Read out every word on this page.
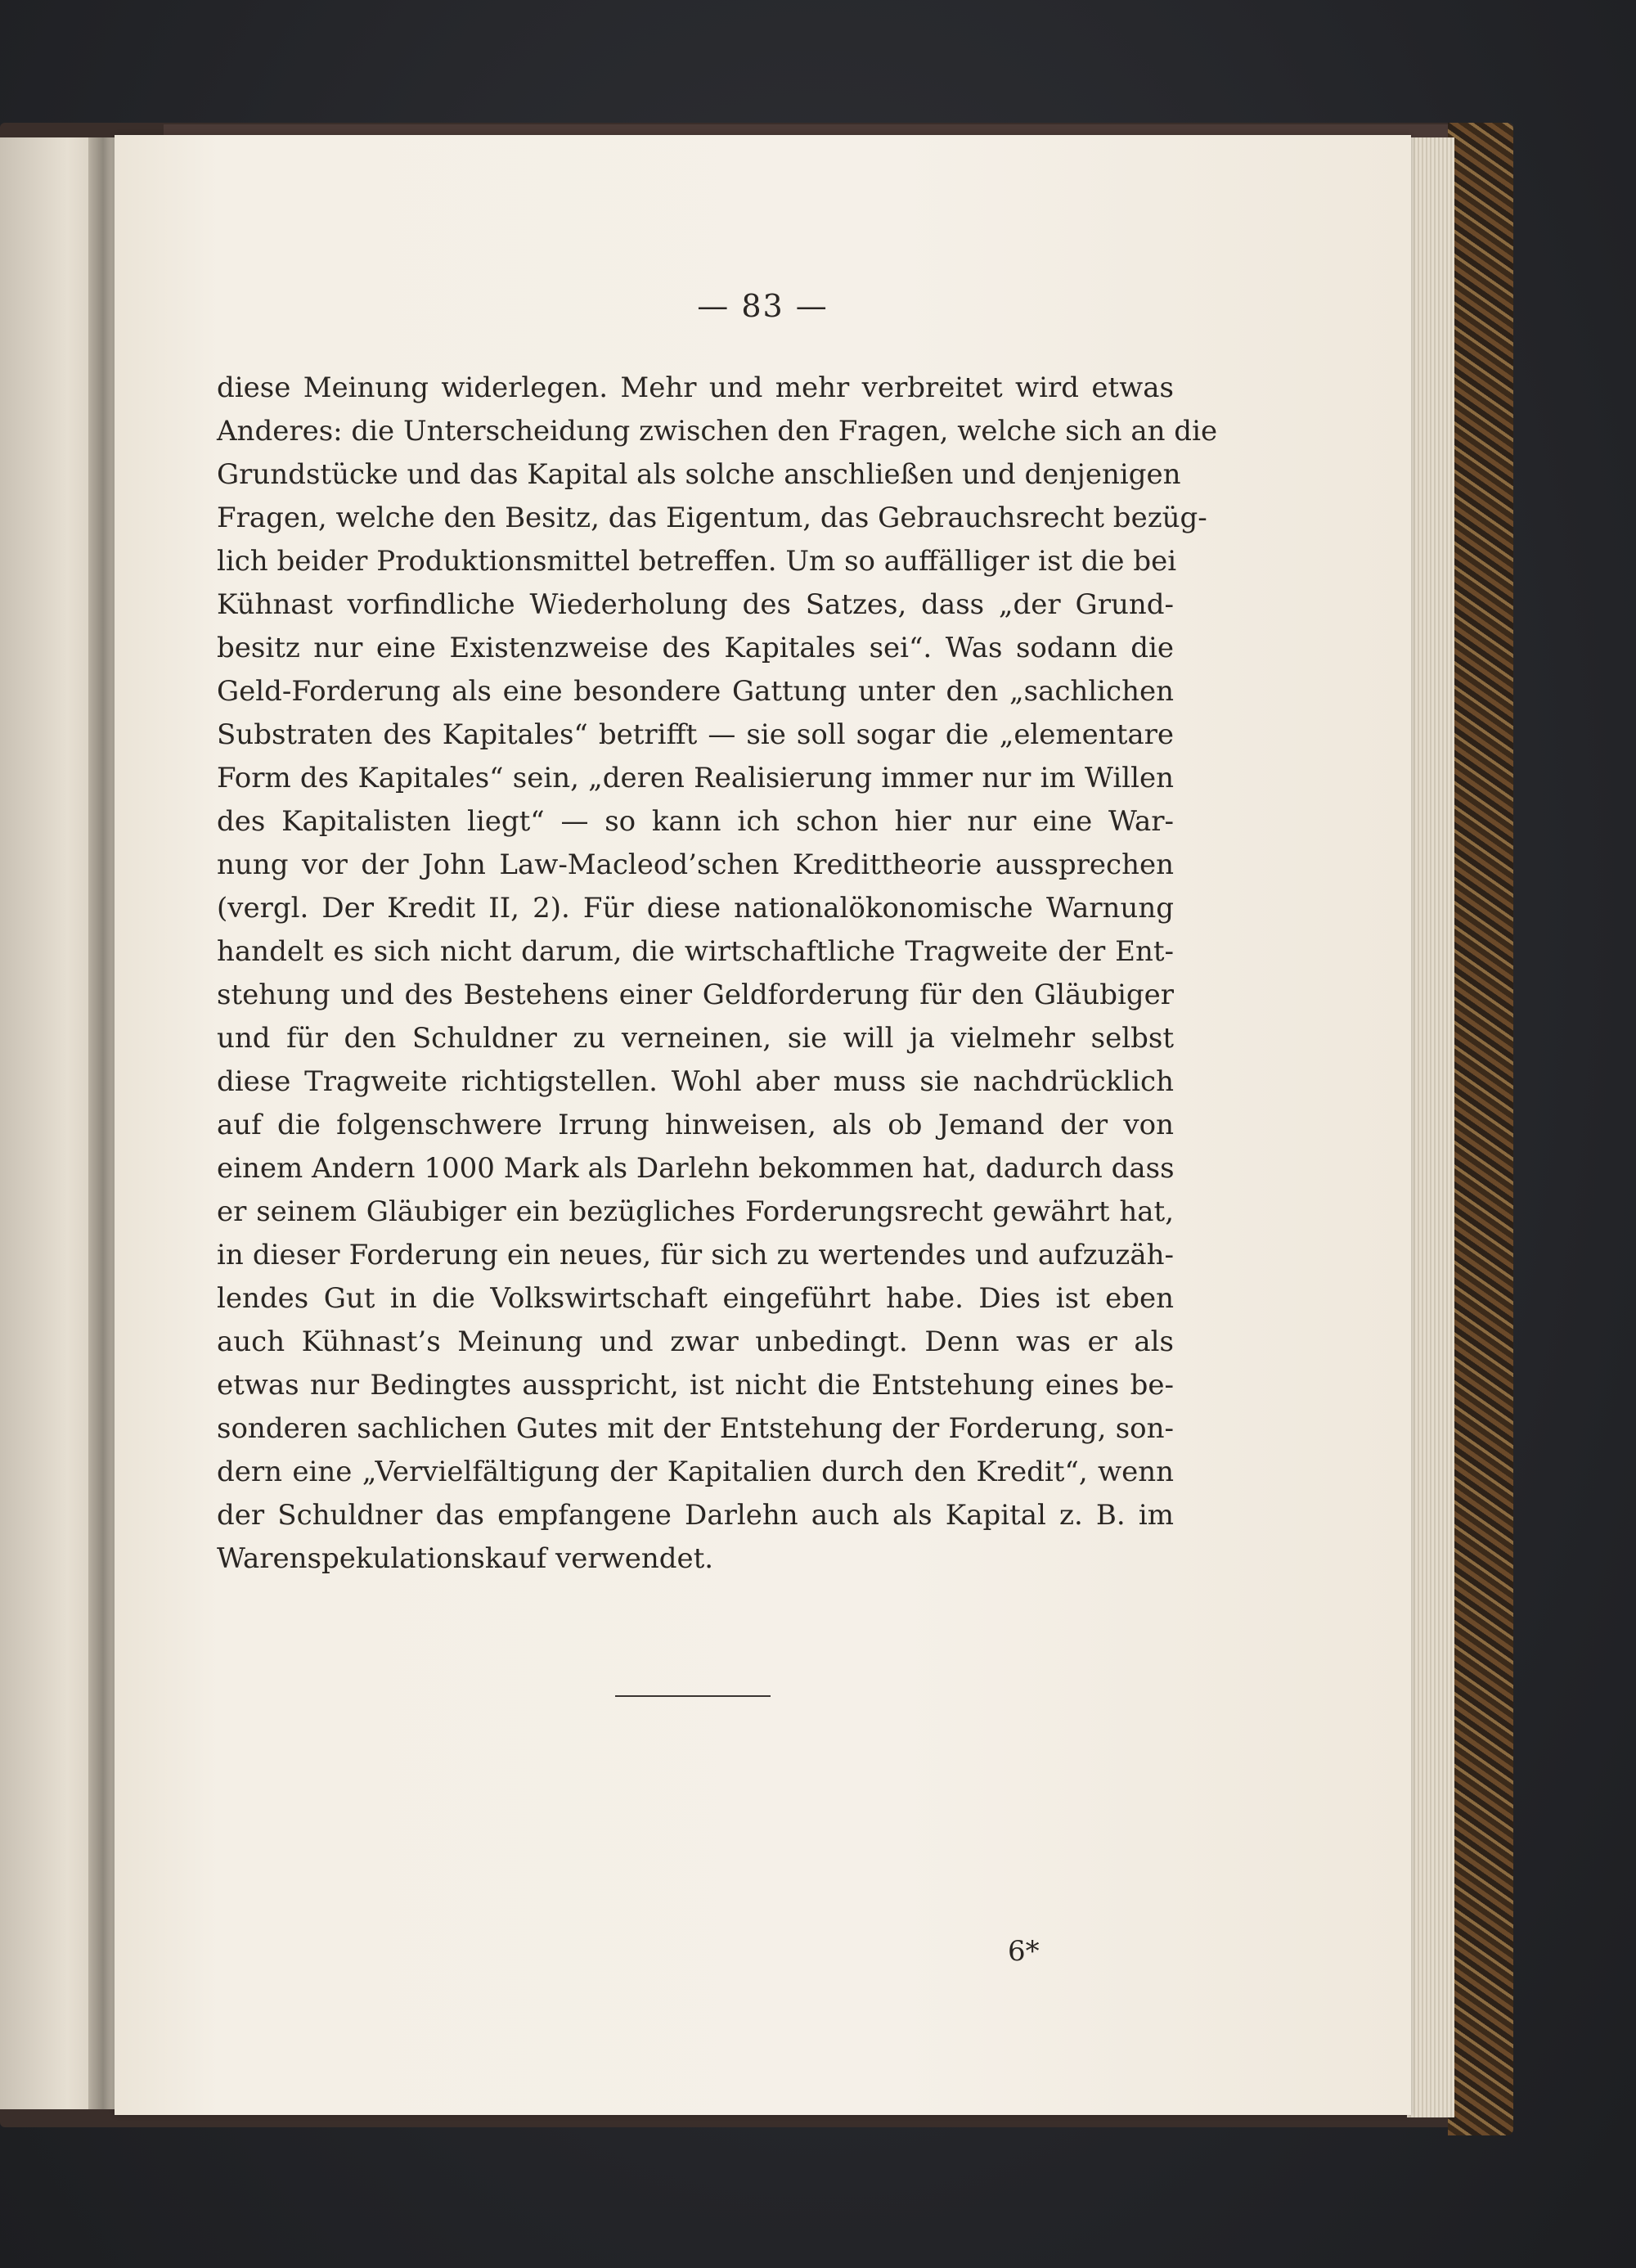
— 83 —

diese Meinung widerlegen. Mehr und mehr verbreitet wird etwas
Anderes: die Unterscheidung zwischen den Fragen, welche sich an die
Grundstücke und das Kapital als solche anschließen und denjenigen
Fragen, welche den Besitz, das Eigentum, das Gebrauchsrecht bezüg-
lich beider Produktionsmittel betreffen. Um so auffälliger ist die bei
Kühnast vorfindliche Wiederholung des Satzes, dass „der Grund-
besitz nur eine Existenzweise des Kapitales sei“. Was sodann die
Geld-Forderung als eine besondere Gattung unter den „sachlichen
Substraten des Kapitales“ betrifft — sie soll sogar die „elementare
Form des Kapitales“ sein, „deren Realisierung immer nur im Willen
des Kapitalisten liegt“ — so kann ich schon hier nur eine War-
nung vor der John Law-Macleod’schen Kredittheorie aussprechen
(vergl. Der Kredit II, 2). Für diese nationalökonomische Warnung
handelt es sich nicht darum, die wirtschaftliche Tragweite der Ent-
stehung und des Bestehens einer Geldforderung für den Gläubiger
und für den Schuldner zu verneinen, sie will ja vielmehr selbst
diese Tragweite richtigstellen. Wohl aber muss sie nachdrücklich
auf die folgenschwere Irrung hinweisen, als ob Jemand der von
einem Andern 1000 Mark als Darlehn bekommen hat, dadurch dass
er seinem Gläubiger ein bezügliches Forderungsrecht gewährt hat,
in dieser Forderung ein neues, für sich zu wertendes und aufzuzäh-
lendes Gut in die Volkswirtschaft eingeführt habe. Dies ist eben
auch Kühnast’s Meinung und zwar unbedingt. Denn was er als
etwas nur Bedingtes ausspricht, ist nicht die Entstehung eines be-
sonderen sachlichen Gutes mit der Entstehung der Forderung, son-
dern eine „Vervielfältigung der Kapitalien durch den Kredit“, wenn
der Schuldner das empfangene Darlehn auch als Kapital z. B. im
Warenspekulationskauf verwendet.

6*
